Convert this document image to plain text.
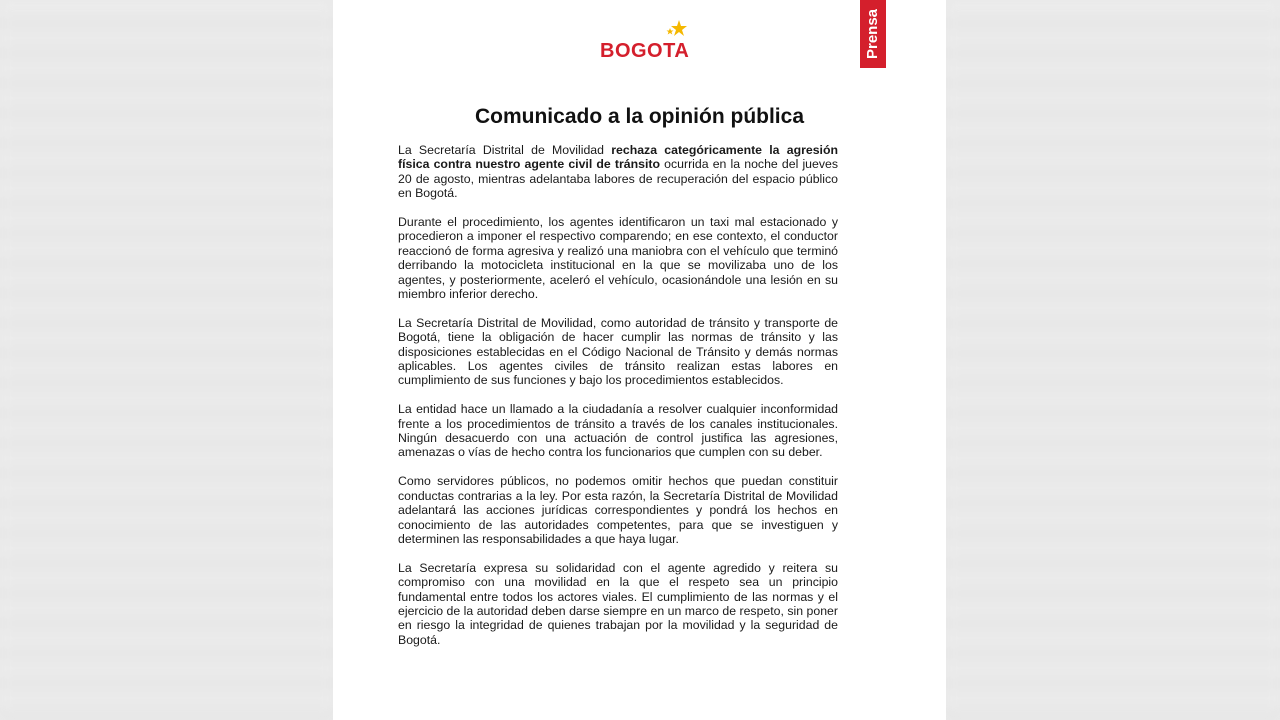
BOGOTA	Prensa
Comunicado a la opinión pública

La Secretaría Distrital de Movilidad rechaza categóricamente la agresión física contra nuestro agente civil de tránsito ocurrida en la noche del jueves 20 de agosto, mientras adelantaba labores de recuperación del espacio público en Bogotá.

Durante el procedimiento, los agentes identificaron un taxi mal estacionado y procedieron a imponer el respectivo comparendo; en ese contexto, el conductor reaccionó de forma agresiva y realizó una maniobra con el vehículo que terminó derribando la motocicleta institucional en la que se movilizaba uno de los agentes, y posteriormente, aceleró el vehículo, ocasionándole una lesión en su miembro inferior derecho.

La Secretaría Distrital de Movilidad, como autoridad de tránsito y transporte de Bogotá, tiene la obligación de hacer cumplir las normas de tránsito y las disposiciones establecidas en el Código Nacional de Tránsito y demás normas aplicables. Los agentes civiles de tránsito realizan estas labores en cumplimiento de sus funciones y bajo los procedimientos establecidos.

La entidad hace un llamado a la ciudadanía a resolver cualquier inconformidad frente a los procedimientos de tránsito a través de los canales institucionales. Ningún desacuerdo con una actuación de control justifica las agresiones, amenazas o vías de hecho contra los funcionarios que cumplen con su deber.

Como servidores públicos, no podemos omitir hechos que puedan constituir conductas contrarias a la ley. Por esta razón, la Secretaría Distrital de Movilidad adelantará las acciones jurídicas correspondientes y pondrá los hechos en conocimiento de las autoridades competentes, para que se investiguen y determinen las responsabilidades a que haya lugar.

La Secretaría expresa su solidaridad con el agente agredido y reitera su compromiso con una movilidad en la que el respeto sea un principio fundamental entre todos los actores viales. El cumplimiento de las normas y el ejercicio de la autoridad deben darse siempre en un marco de respeto, sin poner en riesgo la integridad de quienes trabajan por la movilidad y la seguridad de Bogotá.
